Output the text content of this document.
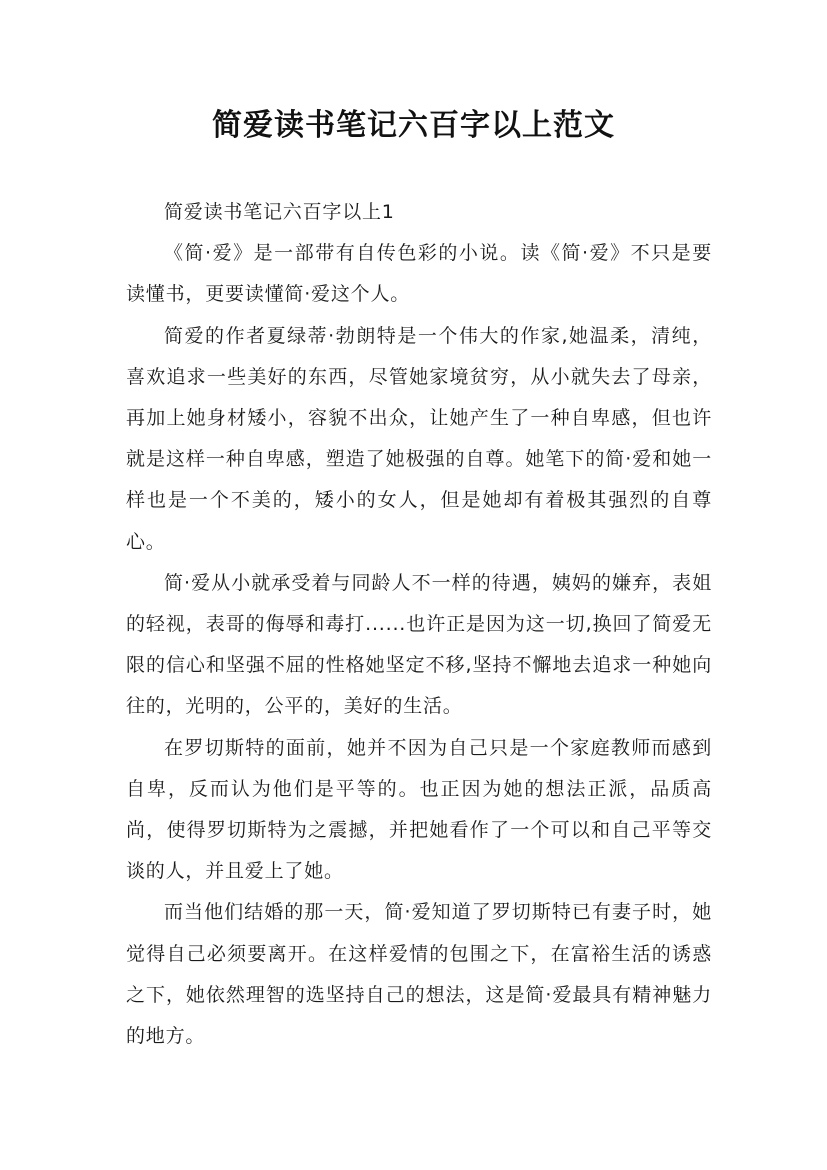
简爱读书笔记六百字以上范文

简爱读书笔记六百字以上1

《简·爱》是一部带有自传色彩的小说。读《简·爱》不只是要读懂书，更要读懂简·爱这个人。

简爱的作者夏绿蒂·勃朗特是一个伟大的作家,她温柔，清纯，喜欢追求一些美好的东西，尽管她家境贫穷，从小就失去了母亲，再加上她身材矮小，容貌不出众，让她产生了一种自卑感，但也许就是这样一种自卑感，塑造了她极强的自尊。她笔下的简·爱和她一样也是一个不美的，矮小的女人，但是她却有着极其强烈的自尊心。

简·爱从小就承受着与同龄人不一样的待遇，姨妈的嫌弃，表姐的轻视，表哥的侮辱和毒打......也许正是因为这一切,换回了简爱无限的信心和坚强不屈的性格她坚定不移,坚持不懈地去追求一种她向往的，光明的，公平的，美好的生活。

在罗切斯特的面前，她并不因为自己只是一个家庭教师而感到自卑，反而认为他们是平等的。也正因为她的想法正派，品质高尚，使得罗切斯特为之震撼，并把她看作了一个可以和自己平等交谈的人，并且爱上了她。

而当他们结婚的那一天，简·爱知道了罗切斯特已有妻子时，她觉得自己必须要离开。在这样爱情的包围之下，在富裕生活的诱惑之下，她依然理智的选坚持自己的想法，这是简·爱最具有精神魅力的地方。
